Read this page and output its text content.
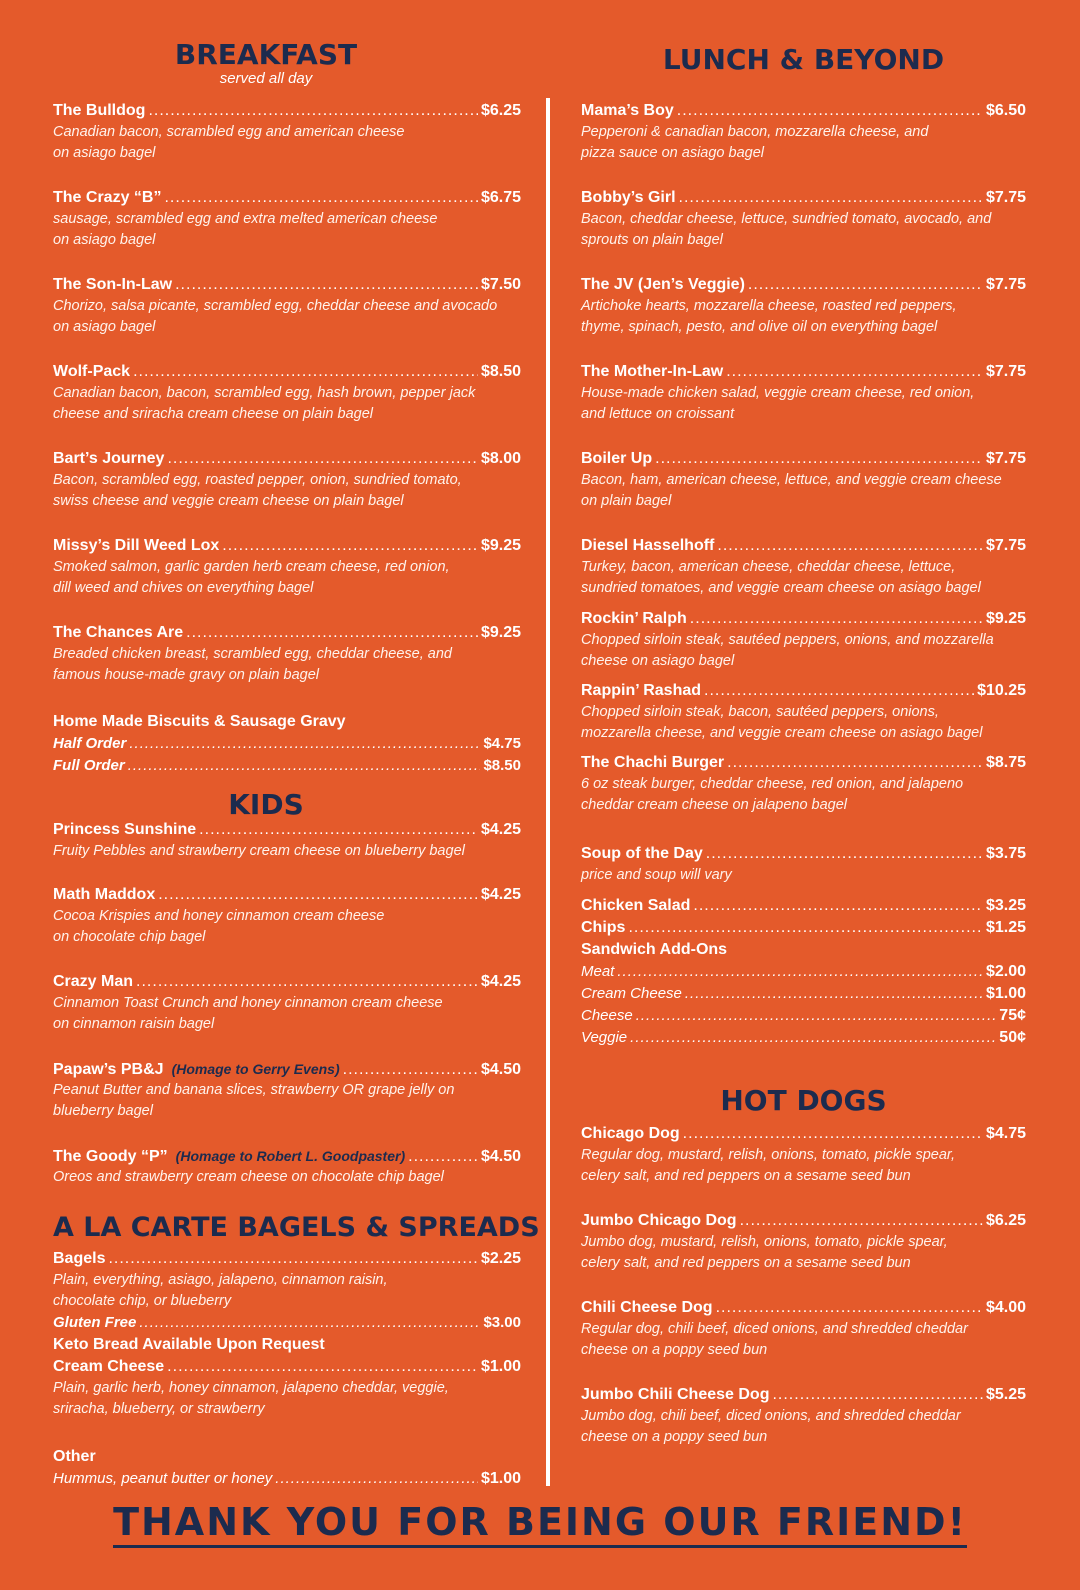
BREAKFAST
served all day
The Bulldog .....	$6.25
Canadian bacon, scrambled egg and american cheese
on asiago bagel
The Crazy “B” .....	$6.75
sausage, scrambled egg and extra melted american cheese
on asiago bagel
The Son-In-Law .....	$7.50
Chorizo, salsa picante, scrambled egg, cheddar cheese and avocado
on asiago bagel
Wolf-Pack .....	$8.50
Canadian bacon, bacon, scrambled egg, hash brown, pepper jack
cheese and sriracha cream cheese on plain bagel
Bart’s Journey .....	$8.00
Bacon, scrambled egg, roasted pepper, onion, sundried tomato,
swiss cheese and veggie cream cheese on plain bagel
Missy’s Dill Weed Lox .....	$9.25
Smoked salmon, garlic garden herb cream cheese, red onion,
dill weed and chives on everything bagel
The Chances Are .....	$9.25
Breaded chicken breast, scrambled egg, cheddar cheese, and
famous house-made gravy on plain bagel
Home Made Biscuits & Sausage Gravy
Half Order .....	$4.75
Full Order .....	$8.50
KIDS
Princess Sunshine .....	$4.25
Fruity Pebbles and strawberry cream cheese on blueberry bagel
Math Maddox .....	$4.25
Cocoa Krispies and honey cinnamon cream cheese
on chocolate chip bagel
Crazy Man .....	$4.25
Cinnamon Toast Crunch and honey cinnamon cream cheese
on cinnamon raisin bagel
Papaw’s PB&J (Homage to Gerry Evens) .....	$4.50
Peanut Butter and banana slices, strawberry OR grape jelly on
blueberry bagel
The Goody “P” (Homage to Robert L. Goodpaster) .....	$4.50
Oreos and strawberry cream cheese on chocolate chip bagel
A LA CARTE BAGELS & SPREADS
Bagels .....	$2.25
Plain, everything, asiago, jalapeno, cinnamon raisin,
chocolate chip, or blueberry
Gluten Free .....	$3.00
Keto Bread Available Upon Request
Cream Cheese .....	$1.00
Plain, garlic herb, honey cinnamon, jalapeno cheddar, veggie,
sriracha, blueberry, or strawberry
Other
Hummus, peanut butter or honey .....	$1.00
LUNCH & BEYOND
Mama’s Boy .....	$6.50
Pepperoni & canadian bacon, mozzarella cheese, and
pizza sauce on asiago bagel
Bobby’s Girl .....	$7.75
Bacon, cheddar cheese, lettuce, sundried tomato, avocado, and
sprouts on plain bagel
The JV (Jen’s Veggie) .....	$7.75
Artichoke hearts, mozzarella cheese, roasted red peppers,
thyme, spinach, pesto, and olive oil on everything bagel
The Mother-In-Law .....	$7.75
House-made chicken salad, veggie cream cheese, red onion,
and lettuce on croissant
Boiler Up .....	$7.75
Bacon, ham, american cheese, lettuce, and veggie cream cheese
on plain bagel
Diesel Hasselhoff .....	$7.75
Turkey, bacon, american cheese, cheddar cheese, lettuce,
sundried tomatoes, and veggie cream cheese on asiago bagel
Rockin’ Ralph .....	$9.25
Chopped sirloin steak, sautéed peppers, onions, and mozzarella
cheese on asiago bagel
Rappin’ Rashad .....	$10.25
Chopped sirloin steak, bacon, sautéed peppers, onions,
mozzarella cheese, and veggie cream cheese on asiago bagel
The Chachi Burger .....	$8.75
6 oz steak burger, cheddar cheese, red onion, and jalapeno
cheddar cream cheese on jalapeno bagel
Soup of the Day .....	$3.75
price and soup will vary
Chicken Salad .....	$3.25
Chips .....	$1.25
Sandwich Add-Ons
Meat .....	$2.00
Cream Cheese .....	$1.00
Cheese .....	75¢
Veggie .....	50¢
HOT DOGS
Chicago Dog .....	$4.75
Regular dog, mustard, relish, onions, tomato, pickle spear,
celery salt, and red peppers on a sesame seed bun
Jumbo Chicago Dog .....	$6.25
Jumbo dog, mustard, relish, onions, tomato, pickle spear,
celery salt, and red peppers on a sesame seed bun
Chili Cheese Dog .....	$4.00
Regular dog, chili beef, diced onions, and shredded cheddar
cheese on a poppy seed bun
Jumbo Chili Cheese Dog .....	$5.25
Jumbo dog, chili beef, diced onions, and shredded cheddar
cheese on a poppy seed bun
THANK YOU FOR BEING OUR FRIEND!
